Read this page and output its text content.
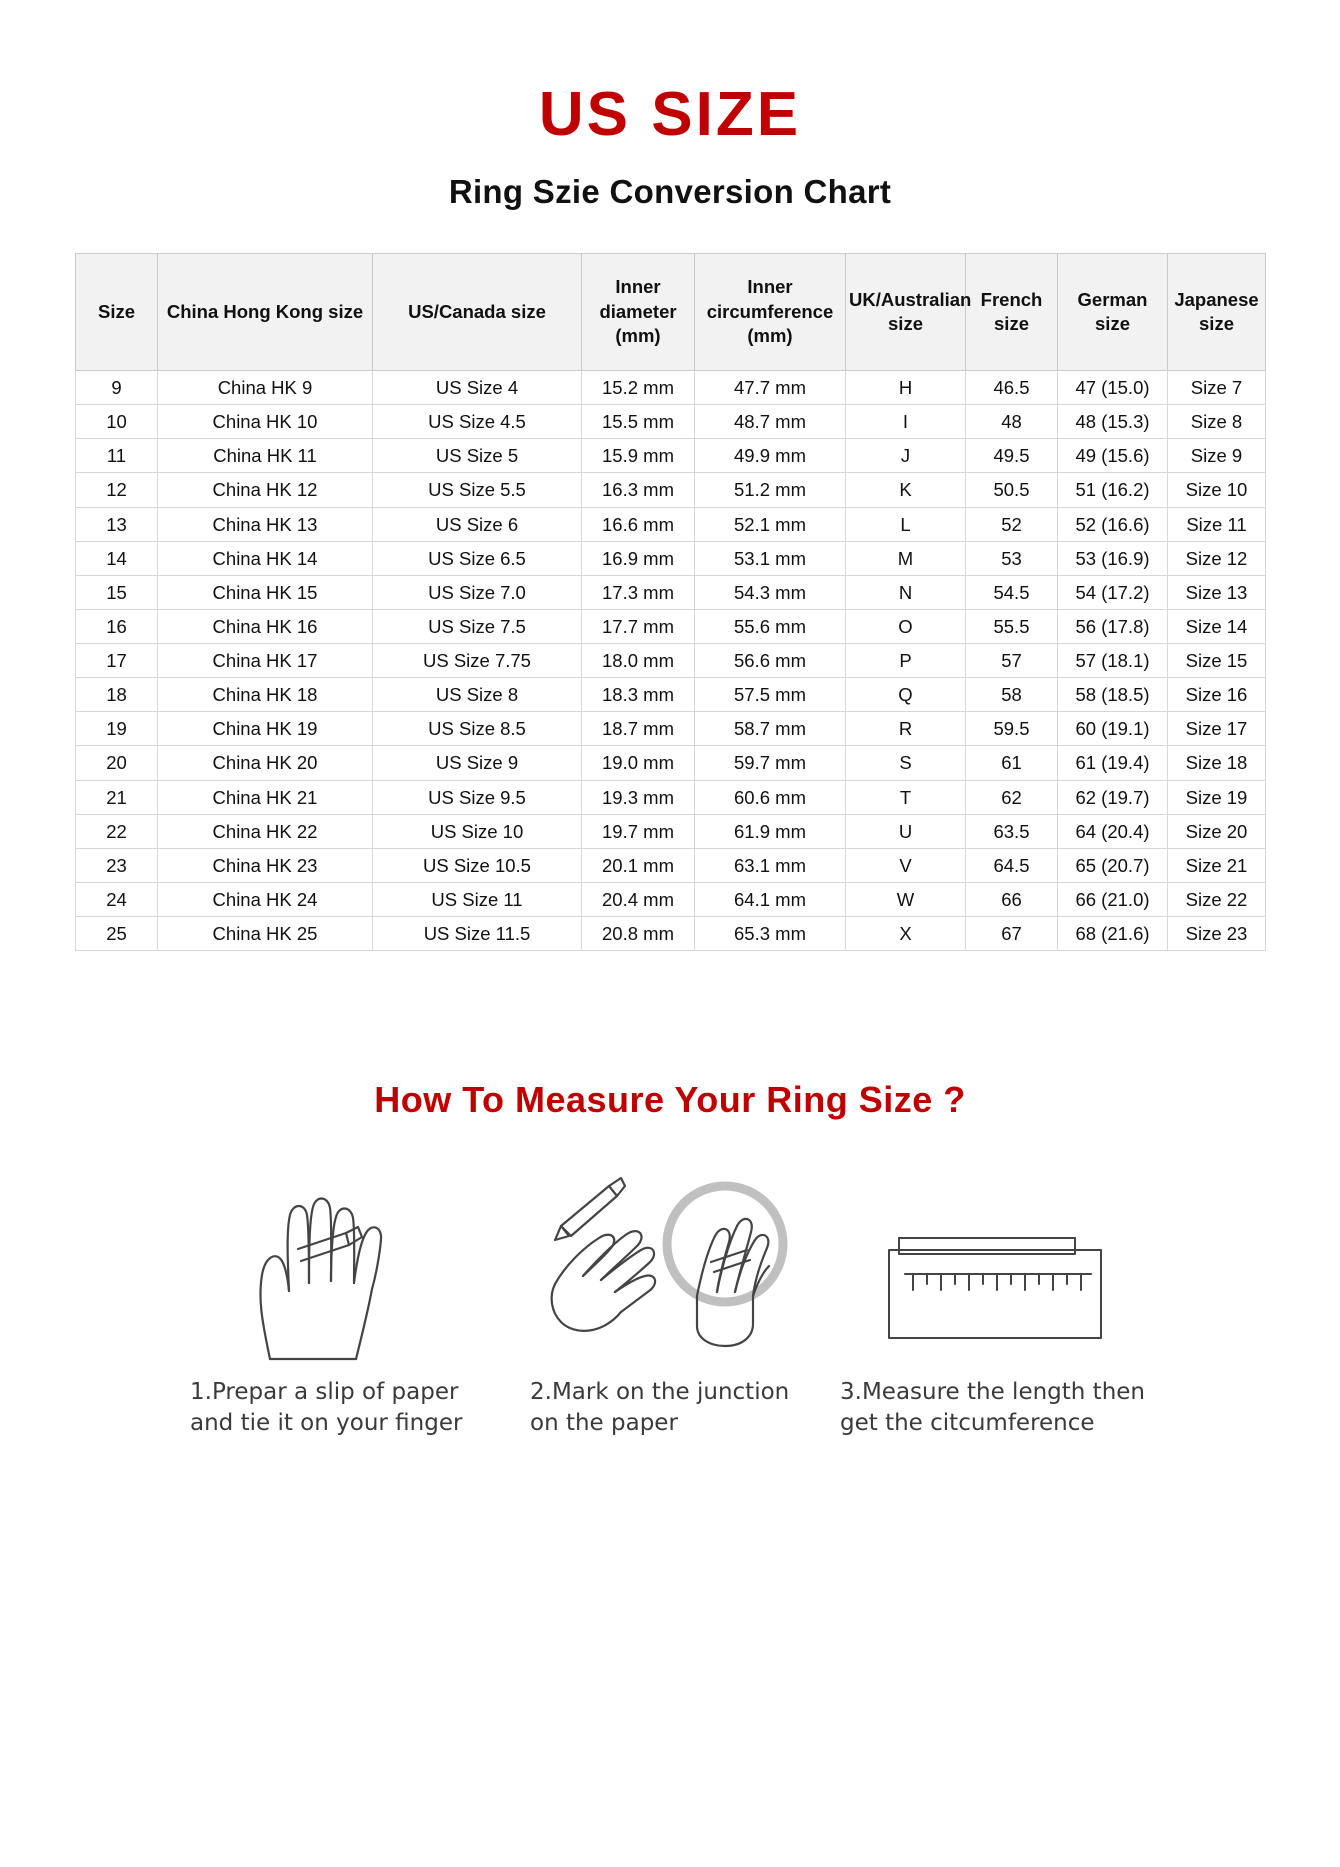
US SIZE
Ring Szie Conversion Chart
Size	China Hong Kong size	US/Canada size	Inner diameter (mm)	Inner circumference (mm)	UK/Australian size	French size	German size	Japanese size
9	China HK 9	US Size 4	15.2 mm	47.7 mm	H	46.5	47 (15.0)	Size 7
10	China HK 10	US Size 4.5	15.5 mm	48.7 mm	I	48	48 (15.3)	Size 8
11	China HK 11	US Size 5	15.9 mm	49.9 mm	J	49.5	49 (15.6)	Size 9
12	China HK 12	US Size 5.5	16.3 mm	51.2 mm	K	50.5	51 (16.2)	Size 10
13	China HK 13	US Size 6	16.6 mm	52.1 mm	L	52	52 (16.6)	Size 11
14	China HK 14	US Size 6.5	16.9 mm	53.1 mm	M	53	53 (16.9)	Size 12
15	China HK 15	US Size 7.0	17.3 mm	54.3 mm	N	54.5	54 (17.2)	Size 13
16	China HK 16	US Size 7.5	17.7 mm	55.6 mm	O	55.5	56 (17.8)	Size 14
17	China HK 17	US Size 7.75	18.0 mm	56.6 mm	P	57	57 (18.1)	Size 15
18	China HK 18	US Size 8	18.3 mm	57.5 mm	Q	58	58 (18.5)	Size 16
19	China HK 19	US Size 8.5	18.7 mm	58.7 mm	R	59.5	60 (19.1)	Size 17
20	China HK 20	US Size 9	19.0 mm	59.7 mm	S	61	61 (19.4)	Size 18
21	China HK 21	US Size 9.5	19.3 mm	60.6 mm	T	62	62 (19.7)	Size 19
22	China HK 22	US Size 10	19.7 mm	61.9 mm	U	63.5	64 (20.4)	Size 20
23	China HK 23	US Size 10.5	20.1 mm	63.1 mm	V	64.5	65 (20.7)	Size 21
24	China HK 24	US Size 11	20.4 mm	64.1 mm	W	66	66 (21.0)	Size 22
25	China HK 25	US Size 11.5	20.8 mm	65.3 mm	X	67	68 (21.6)	Size 23
How To Measure Your Ring Size ?
1.Prepar a slip of paper and tie it on your finger
2.Mark on the junction on the paper
3.Measure the length then get the citcumference
